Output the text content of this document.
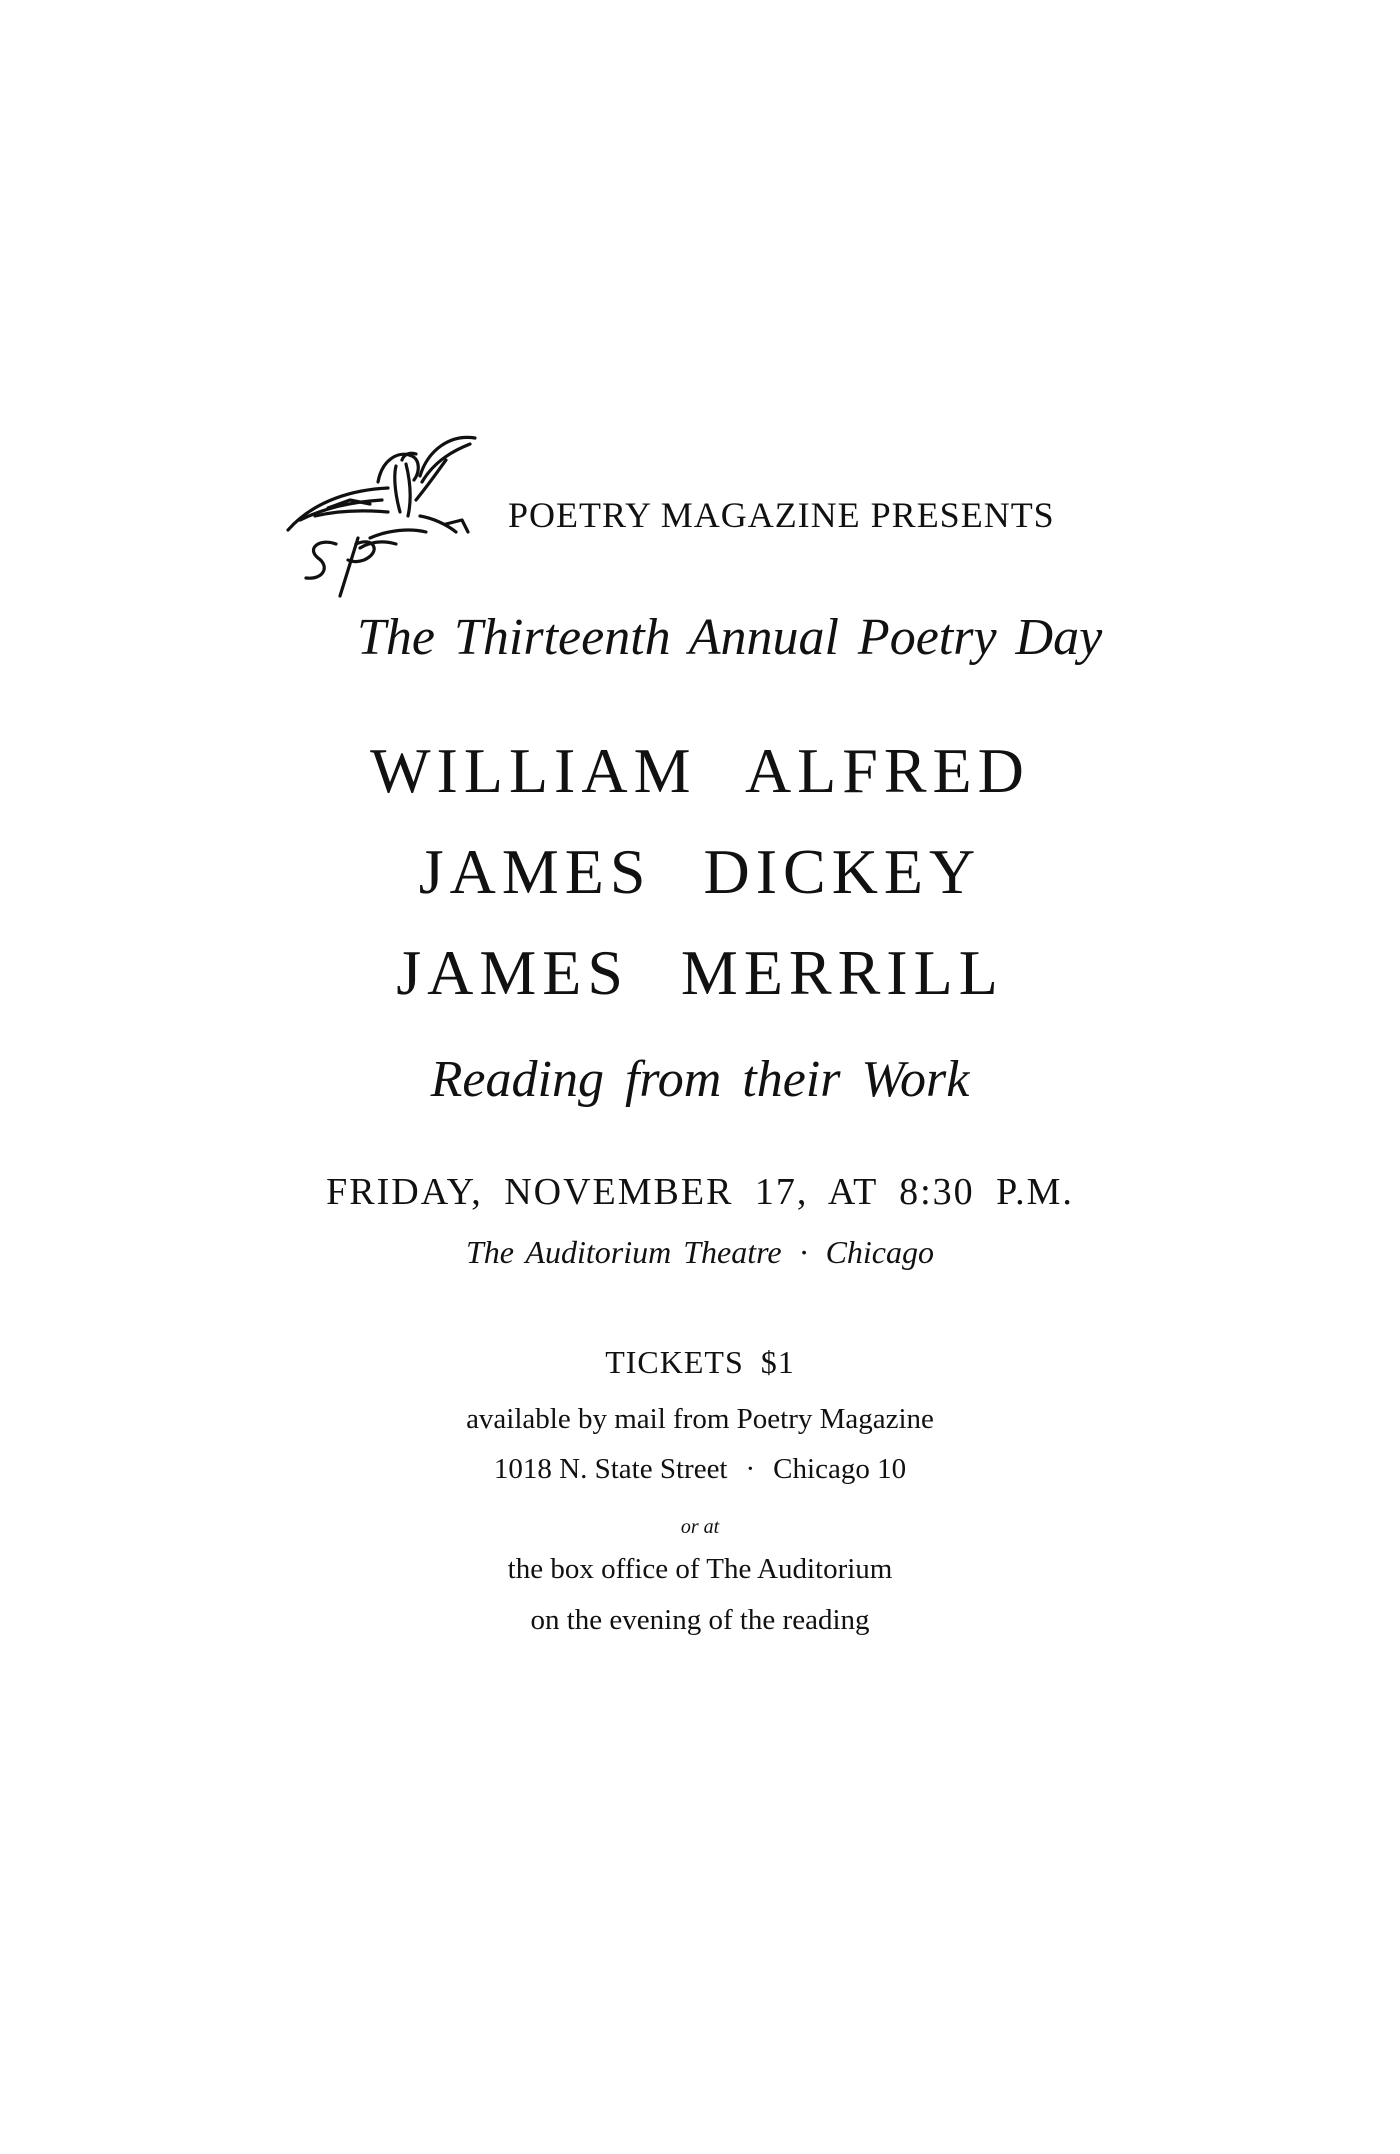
POETRY MAGAZINE PRESENTS
The Thirteenth Annual Poetry Day
WILLIAM ALFRED
JAMES DICKEY
JAMES MERRILL
Reading from their Work
FRIDAY, NOVEMBER 17, AT 8:30 P.M.
The Auditorium Theatre · Chicago
TICKETS $1
available by mail from Poetry Magazine
1018 N. State Street · Chicago 10
or at
the box office of The Auditorium
on the evening of the reading
